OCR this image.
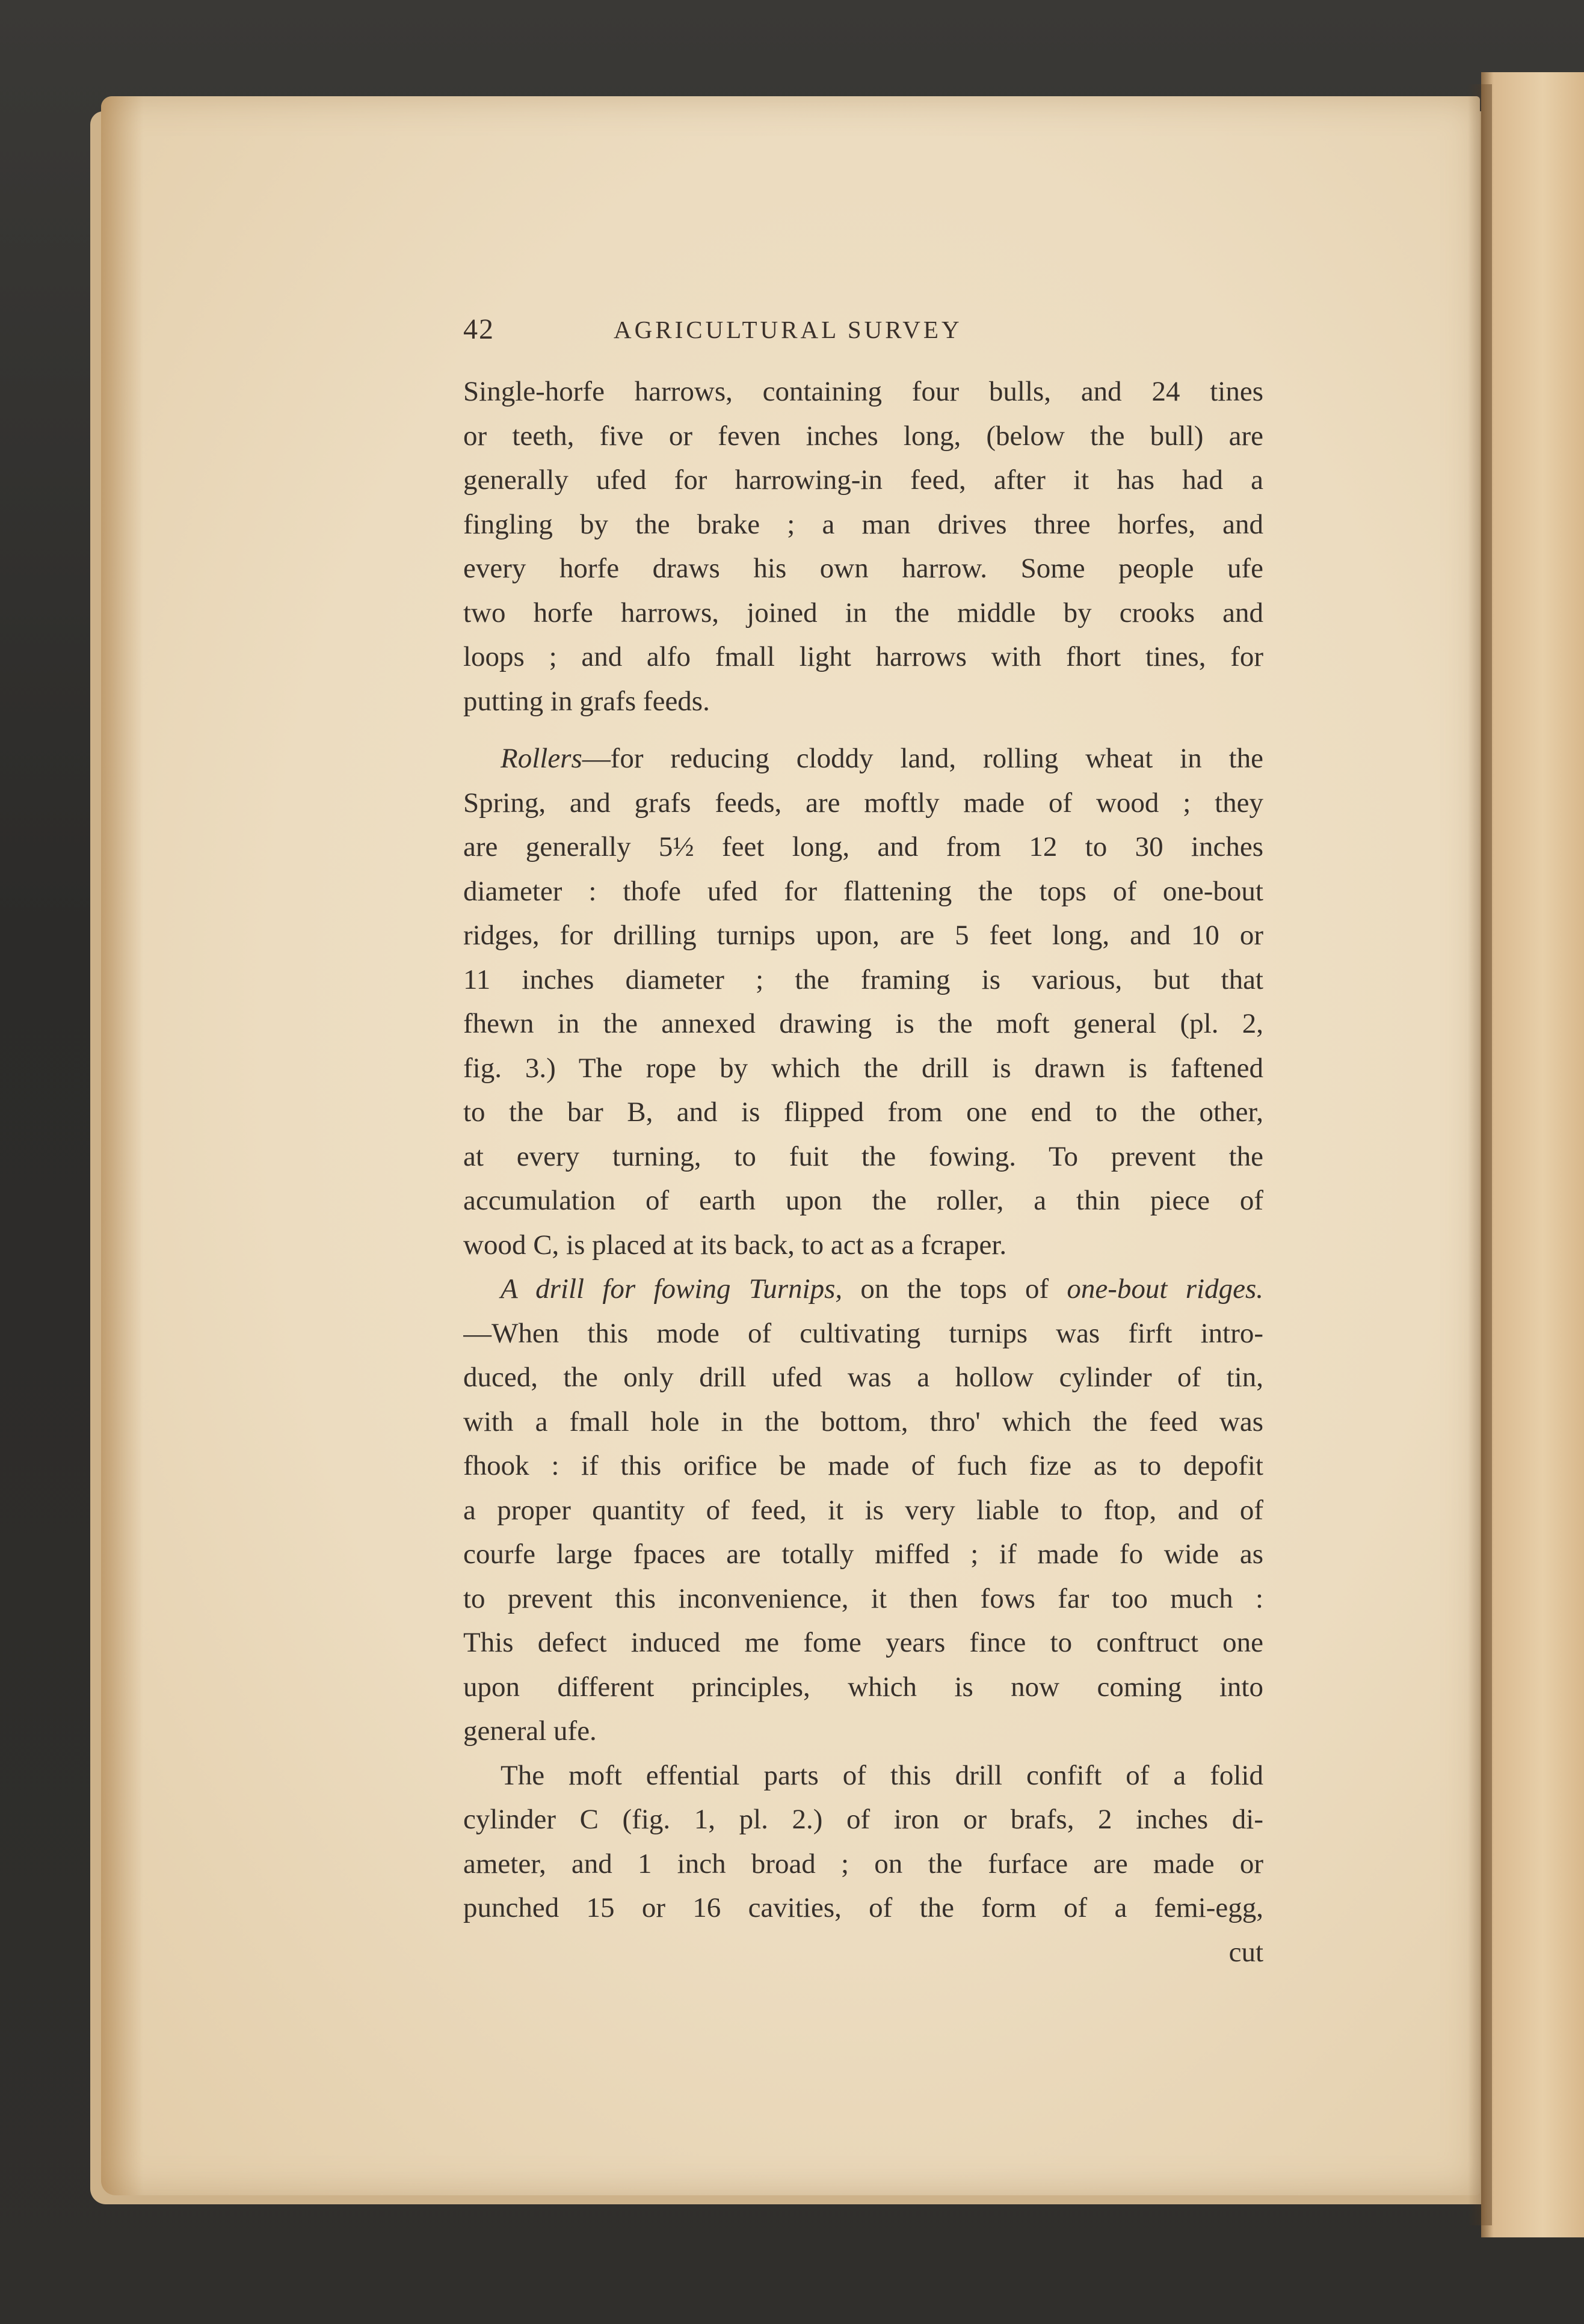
42	AGRICULTURAL SURVEY
Single-horfe harrows, containing four bulls, and 24 tines
or teeth, five or feven inches long, (below the bull) are
generally ufed for harrowing-in feed, after it has had a
fingling by the brake ; a man drives three horfes, and
every horfe draws his own harrow. Some people ufe
two horfe harrows, joined in the middle by crooks and
loops ; and alfo fmall light harrows with fhort tines, for
putting in grafs feeds.
Rollers—for reducing cloddy land, rolling wheat in the
Spring, and grafs feeds, are moftly made of wood ; they
are generally 5½ feet long, and from 12 to 30 inches
diameter : thofe ufed for flattening the tops of one-bout
ridges, for drilling turnips upon, are 5 feet long, and 10 or
11 inches diameter ; the framing is various, but that
fhewn in the annexed drawing is the moft general (pl. 2,
fig. 3.) The rope by which the drill is drawn is faftened
to the bar B, and is flipped from one end to the other,
at every turning, to fuit the fowing. To prevent the
accumulation of earth upon the roller, a thin piece of
wood C, is placed at its back, to act as a fcraper.
A drill for fowing Turnips, on the tops of one-bout ridges.
—When this mode of cultivating turnips was firft intro-
duced, the only drill ufed was a hollow cylinder of tin,
with a fmall hole in the bottom, thro' which the feed was
fhook : if this orifice be made of fuch fize as to depofit
a proper quantity of feed, it is very liable to ftop, and of
courfe large fpaces are totally miffed ; if made fo wide as
to prevent this inconvenience, it then fows far too much :
This defect induced me fome years fince to conftruct one
upon different principles, which is now coming into
general ufe.
The moft effential parts of this drill confift of a folid
cylinder C (fig. 1, pl. 2.) of iron or brafs, 2 inches di-
ameter, and 1 inch broad ; on the furface are made or
punched 15 or 16 cavities, of the form of a femi-egg,
cut
